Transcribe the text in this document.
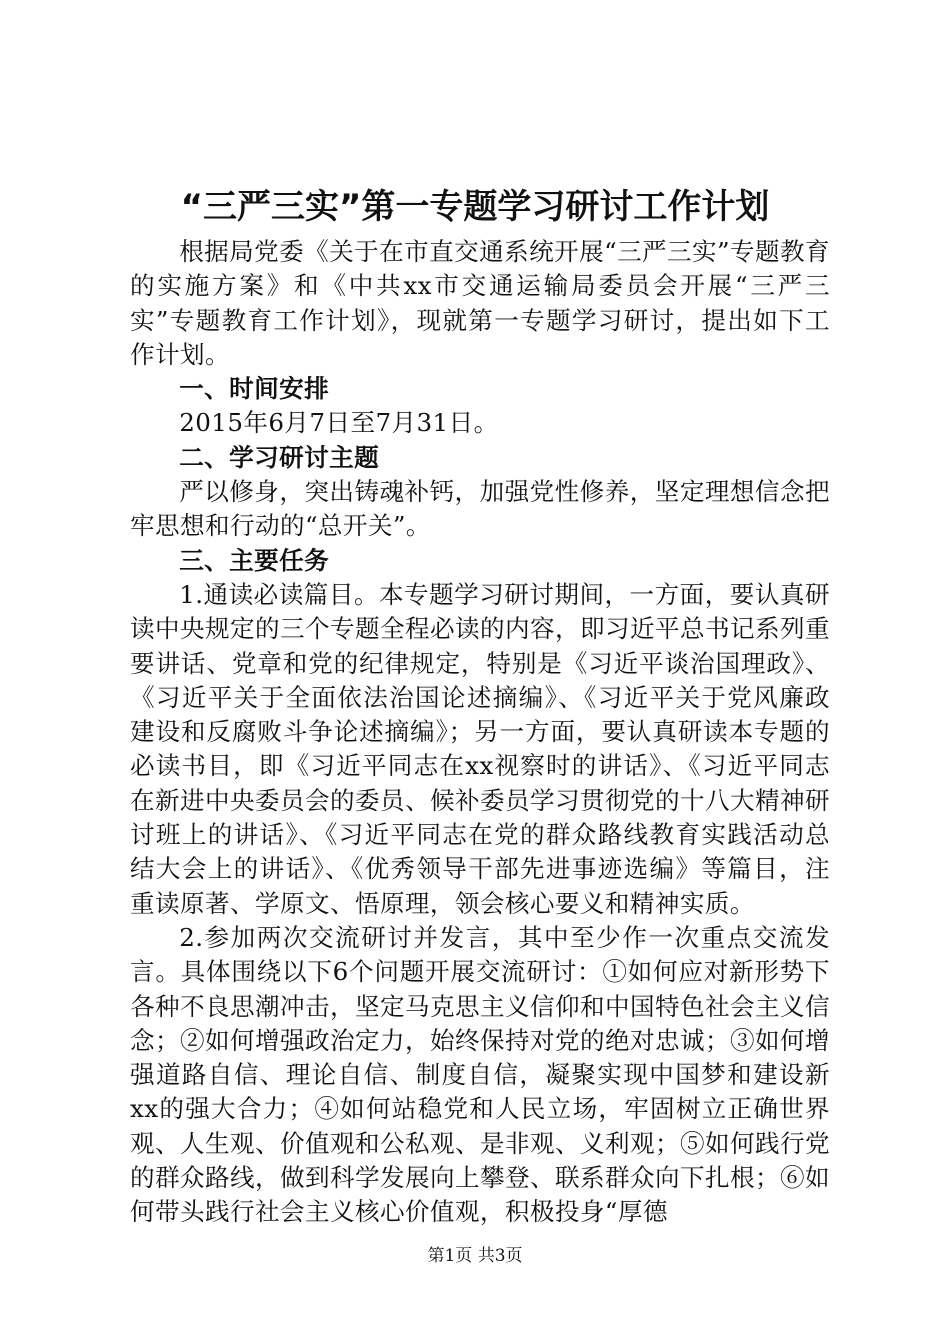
“三严三实”第一专题学习研讨工作计划

根据局党委《关于在市直交通系统开展“三严三实”专题教育的实施方案》和《中共xx市交通运输局委员会开展“三严三实”专题教育工作计划》，现就第一专题学习研讨，提出如下工作计划。

一、时间安排

2015年6月7日至7月31日。

二、学习研讨主题

严以修身，突出铸魂补钙，加强党性修养，坚定理想信念把牢思想和行动的“总开关”。

三、主要任务

1.通读必读篇目。本专题学习研讨期间，一方面，要认真研读中央规定的三个专题全程必读的内容，即习近平总书记系列重要讲话、党章和党的纪律规定，特别是《习近平谈治国理政》、《习近平关于全面依法治国论述摘编》、《习近平关于党风廉政建设和反腐败斗争论述摘编》；另一方面，要认真研读本专题的必读书目，即《习近平同志在xx视察时的讲话》、《习近平同志在新进中央委员会的委员、候补委员学习贯彻党的十八大精神研讨班上的讲话》、《习近平同志在党的群众路线教育实践活动总结大会上的讲话》、《优秀领导干部先进事迹选编》等篇目，注重读原著、学原文、悟原理，领会核心要义和精神实质。

2.参加两次交流研讨并发言，其中至少作一次重点交流发言。具体围绕以下6个问题开展交流研讨：①如何应对新形势下各种不良思潮冲击，坚定马克思主义信仰和中国特色社会主义信念；②如何增强政治定力，始终保持对党的绝对忠诚；③如何增强道路自信、理论自信、制度自信，凝聚实现中国梦和建设新xx的强大合力；④如何站稳党和人民立场，牢固树立正确世界观、人生观、价值观和公私观、是非观、义利观；⑤如何践行党的群众路线，做到科学发展向上攀登、联系群众向下扎根；⑥如何带头践行社会主义核心价值观，积极投身“厚德

第1页 共3页
